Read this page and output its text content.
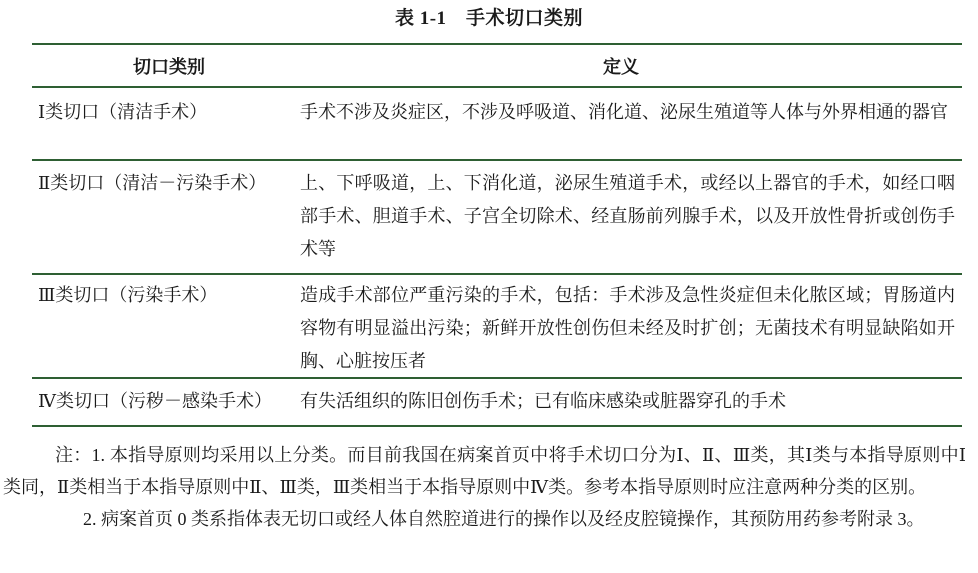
表 1-1　手术切口类别
切口类别	定义
Ⅰ类切口（清洁手术）	手术不涉及炎症区，不涉及呼吸道、消化道、泌尿生殖道等人体与外界相通的器官
Ⅱ类切口（清洁－污染手术）	上、下呼吸道，上、下消化道，泌尿生殖道手术，或经以上器官的手术，如经口咽部手术、胆道手术、子宫全切除术、经直肠前列腺手术，以及开放性骨折或创伤手术等
Ⅲ类切口（污染手术）	造成手术部位严重污染的手术，包括：手术涉及急性炎症但未化脓区域；胃肠道内容物有明显溢出污染；新鲜开放性创伤但未经及时扩创；无菌技术有明显缺陷如开胸、心脏按压者
Ⅳ类切口（污秽－感染手术）	有失活组织的陈旧创伤手术；已有临床感染或脏器穿孔的手术

注：1. 本指导原则均采用以上分类。而目前我国在病案首页中将手术切口分为Ⅰ、Ⅱ、Ⅲ类，其Ⅰ类与本指导原则中Ⅰ类同，Ⅱ类相当于本指导原则中Ⅱ、Ⅲ类，Ⅲ类相当于本指导原则中Ⅳ类。参考本指导原则时应注意两种分类的区别。

2. 病案首页 0 类系指体表无切口或经人体自然腔道进行的操作以及经皮腔镜操作，其预防用药参考附录 3。
